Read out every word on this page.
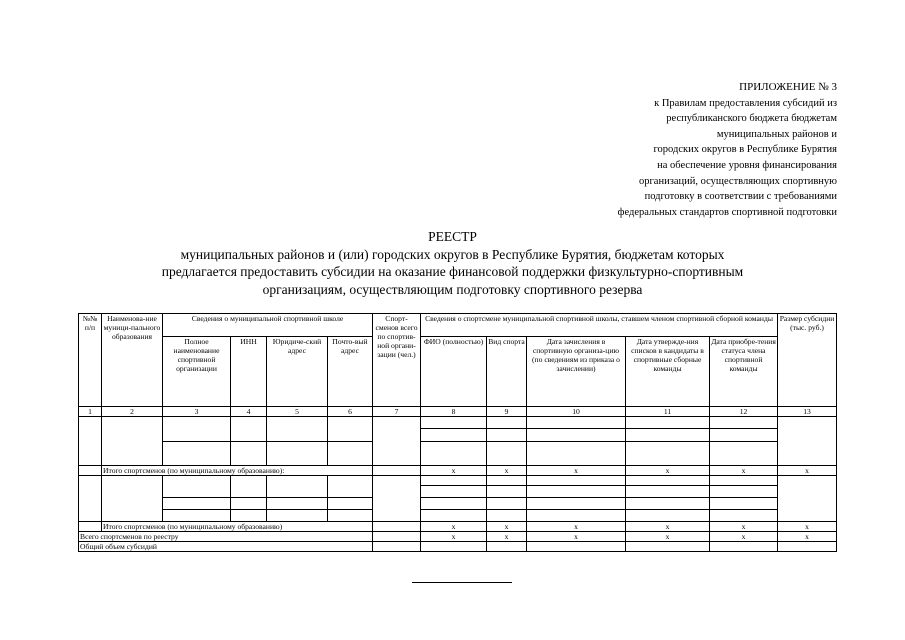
ПРИЛОЖЕНИЕ № 3
к Правилам предоставления субсидий из
республиканского бюджета бюджетам
муниципальных районов и
городских округов в Республике Бурятия
на обеспечение уровня финансирования
организаций, осуществляющих спортивную
подготовку в соответствии с требованиями
федеральных стандартов спортивной подготовки
РЕЕСТР
муниципальных районов и (или) городских округов в Республике Бурятия, бюджетам которых
предлагается предоставить субсидии на оказание финансовой поддержки физкультурно-спортивным
организациям, осуществляющим подготовку спортивного резерва
№№ п/п	Наименова-ние муници-пального образования	Сведения о муниципальной спортивной школе				Спорт-сменов всего по спортив-ной органи-зации (чел.)	Сведения о спортсмене муниципальной спортивной школы, ставшем членом спортивной сборной команды					Размер субсидии (тыс. руб.)
		Полное наименование спортивной организации	ИНН	Юридиче-ский адрес	Почто-вый адрес		ФИО (полностью)	Вид спорта	Дата зачисления в спортивную организа-цию (по сведениям из приказа о зачислении)	Дата утвержде-ния списков в кандидаты в спортивные сборные команды	Дата приобре-тения статуса члена спортивной команды	
1	2	3	4	5	6	7	8	9	10	11	12	13

	Итого спортсменов (по муниципальному образованию):						х	х	х	х	х	х

	Итого спортсменов (по муниципальному образованию)						х	х	х	х	х	х
Всего спортсменов по реестру							х	х	х	х	х	х
Общий объем субсидий												
